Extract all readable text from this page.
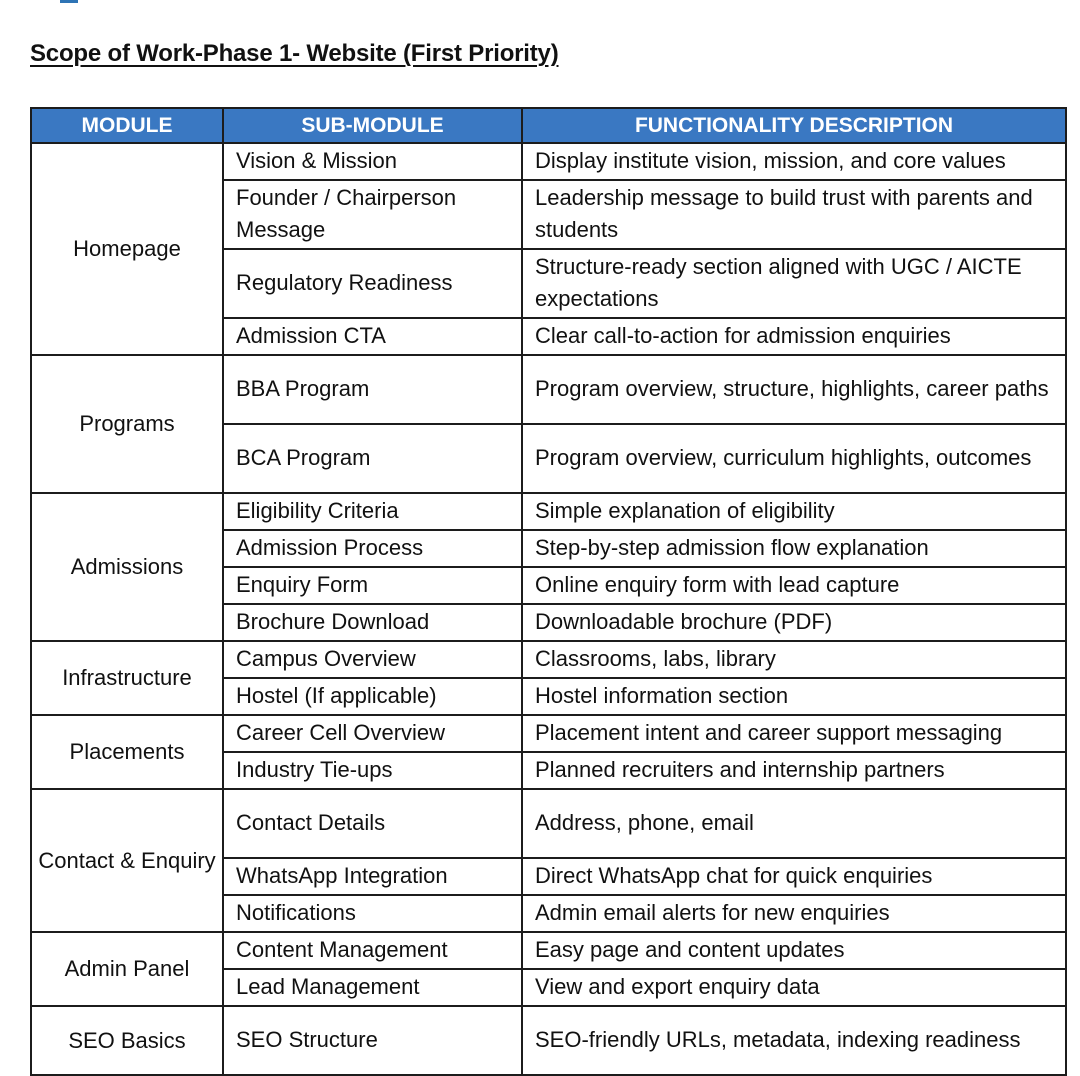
Scope of Work-Phase 1- Website (First Priority)
MODULE	SUB-MODULE	FUNCTIONALITY DESCRIPTION
Homepage	Vision & Mission	Display institute vision, mission, and core values
	Founder / Chairperson Message	Leadership message to build trust with parents and students
	Regulatory Readiness	Structure-ready section aligned with UGC / AICTE expectations
	Admission CTA	Clear call-to-action for admission enquiries
Programs	BBA Program	Program overview, structure, highlights, career paths
	BCA Program	Program overview, curriculum highlights, outcomes
Admissions	Eligibility Criteria	Simple explanation of eligibility
	Admission Process	Step-by-step admission flow explanation
	Enquiry Form	Online enquiry form with lead capture
	Brochure Download	Downloadable brochure (PDF)
Infrastructure	Campus Overview	Classrooms, labs, library
	Hostel (If applicable)	Hostel information section
Placements	Career Cell Overview	Placement intent and career support messaging
	Industry Tie-ups	Planned recruiters and internship partners
Contact & Enquiry	Contact Details	Address, phone, email
	WhatsApp Integration	Direct WhatsApp chat for quick enquiries
	Notifications	Admin email alerts for new enquiries
Admin Panel	Content Management	Easy page and content updates
	Lead Management	View and export enquiry data
SEO Basics	SEO Structure	SEO-friendly URLs, metadata, indexing readiness
